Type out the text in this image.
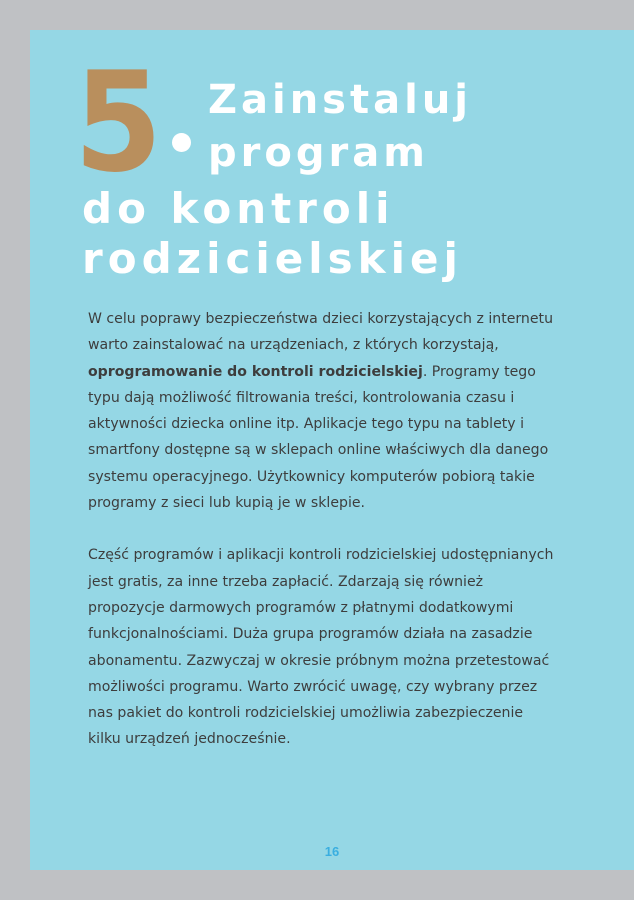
5 Zainstaluj
program
do kontroli
rodzicielskiej

W celu poprawy bezpieczeństwa dzieci korzystających z internetu warto zainstalować na urządzeniach, z których korzystają, oprogramowanie do kontroli rodzicielskiej. Programy tego typu dają możliwość filtrowania treści, kontrolowania czasu i aktywności dziecka online itp. Aplikacje tego typu na tablety i smartfony dostępne są w sklepach online właściwych dla danego systemu operacyjnego. Użytkownicy komputerów pobiorą takie programy z sieci lub kupią je w sklepie.

Część programów i aplikacji kontroli rodzicielskiej udostępnianych jest gratis, za inne trzeba zapłacić. Zdarzają się również propozycje darmowych programów z płatnymi dodatkowymi funkcjonalnościami. Duża grupa programów działa na zasadzie abonamentu. Zazwyczaj w okresie próbnym można przetestować możliwości programu. Warto zwrócić uwagę, czy wybrany przez nas pakiet do kontroli rodzicielskiej umożliwia zabezpieczenie kilku urządzeń jednocześnie.

16
